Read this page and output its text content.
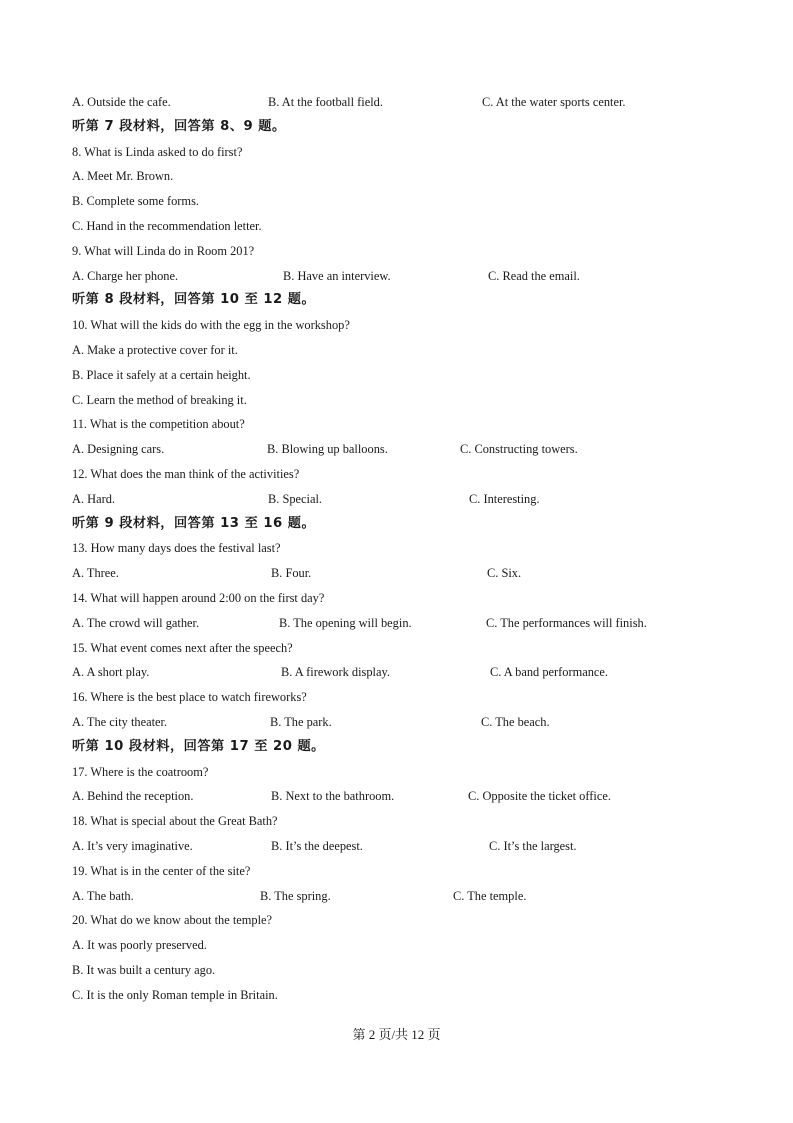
A. Outside the cafe.	B. At the football field.	C. At the water sports center.
听第 7 段材料，回答第 8、9 题。
8. What is Linda asked to do first?
A. Meet Mr. Brown.
B. Complete some forms.
C. Hand in the recommendation letter.
9. What will Linda do in Room 201?
A. Charge her phone.	B. Have an interview.	C. Read the email.
听第 8 段材料，回答第 10 至 12 题。
10. What will the kids do with the egg in the workshop?
A. Make a protective cover for it.
B. Place it safely at a certain height.
C. Learn the method of breaking it.
11. What is the competition about?
A. Designing cars.	B. Blowing up balloons.	C. Constructing towers.
12. What does the man think of the activities?
A. Hard.	B. Special.	C. Interesting.
听第 9 段材料，回答第 13 至 16 题。
13. How many days does the festival last?
A. Three.	B. Four.	C. Six.
14. What will happen around 2:00 on the first day?
A. The crowd will gather.	B. The opening will begin.	C. The performances will finish.
15. What event comes next after the speech?
A. A short play.	B. A firework display.	C. A band performance.
16. Where is the best place to watch fireworks?
A. The city theater.	B. The park.	C. The beach.
听第 10 段材料，回答第 17 至 20 题。
17. Where is the coatroom?
A. Behind the reception.	B. Next to the bathroom.	C. Opposite the ticket office.
18. What is special about the Great Bath?
A. It’s very imaginative.	B. It’s the deepest.	C. It’s the largest.
19. What is in the center of the site?
A. The bath.	B. The spring.	C. The temple.
20. What do we know about the temple?
A. It was poorly preserved.
B. It was built a century ago.
C. It is the only Roman temple in Britain.
第 2 页/共 12 页
